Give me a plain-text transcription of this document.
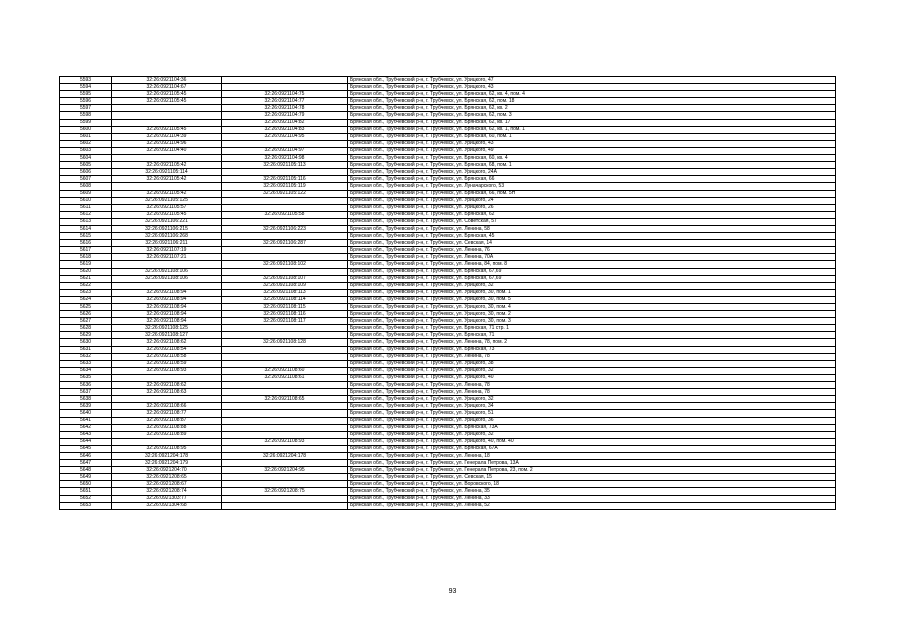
5593	32:26:0921104:36		Брянская обл., Трубчевский р-н, г. Трубчевск, ул. Урицкого, 47
5594	32:26:0921104:67		Брянская обл., Трубчевский р-н, г. Трубчевск, ул. Урицкого, 43
5595	32:26:0921105:45	32:26:0921104:75	Брянская обл., Трубчевский р-н, г. Трубчевск, ул. Брянская, 62, кв. 4, пом. 4
5596	32:26:0921105:45	32:26:0921104:77	Брянская обл., Трубчевский р-н, г. Трубчевск, ул. Брянская, 62, пом. 18
5597		32:26:0921104:78	Брянская обл., Трубчевский р-н, г. Трубчевск, ул. Брянская, 62, кв. 2
5598		32:26:0921104:79	Брянская обл., Трубчевский р-н, г. Трубчевск, ул. Брянская, 62, пом. 3
5599		32:26:0921104:82	Брянская обл., Трубчевский р-н, г. Трубчевск, ул. Брянская, 62, кв. 17
5600	32:26:0921105:45	32:26:0921104:83	Брянская обл., Трубчевский р-н, г. Трубчевск, ул. Брянская, 62, кв. 1, пом. 1
5601	32:26:0921104:39	32:26:0921104:95	Брянская обл., Трубчевский р-н, г. Трубчевск, ул. Брянская, 60, пом. 1
5602	32:26:0921104:96		Брянская обл., Трубчевский р-н, г. Трубчевск, ул. Урицкого, 43
5603	32:26:0921104:40	32:26:0921104:97	Брянская обл., Трубчевский р-н, г. Трубчевск, ул. Урицкого, 49
5604		32:26:0921104:98	Брянская обл., Трубчевский р-н, г. Трубчевск, ул. Брянская, 60, кв. 4
5605	32:26:0921105:42	32:26:0921105:113	Брянская обл., Трубчевский р-н, г. Трубчевск, ул. Брянская, 68, пом. 1
5606	32:26:0921105:114		Брянская обл., Трубчевский р-н, г. Трубчевск, ул. Урицкого, 24А
5607	32:26:0921105:42	32:26:0921105:116	Брянская обл., Трубчевский р-н, г. Трубчевск, ул. Брянская, 66
5608		32:26:0921105:119	Брянская обл., Трубчевский р-н, г. Трубчевск, ул. Луначарского, 53
5609	32:26:0921105:42	32:26:0921105:122	Брянская обл., Трубчевский р-н, г. Трубчевск, ул. Брянская, 66, пом. 5Н
5610	32:26:0921105:125		Брянская обл., Трубчевский р-н, г. Трубчевск, ул. Урицкого, 24
5611	32:26:0921105:57		Брянская обл., Трубчевский р-н, г. Трубчевск, ул. Урицкого, 26
5612	32:26:0921105:45	32:26:0921105:58	Брянская обл., Трубчевский р-н, г. Трубчевск, ул. Брянская, 62
5613	32:26:0921106:221		Брянская обл., Трубчевский р-н, г. Трубчевск, ул. Советская, 57
5614	32:26:0921106:215	32:26:0921106:223	Брянская обл., Трубчевский р-н, г. Трубчевск, ул. Ленина, 58
5615	32:26:0921106:268		Брянская обл., Трубчевский р-н, г. Трубчевск, ул. Брянская, 45
5616	32:26:0921106:211	32:26:0921106:287	Брянская обл., Трубчевский р-н, г. Трубчевск, ул. Севская, 14
5617	32:26:0921107:19		Брянская обл., Трубчевский р-н, г. Трубчевск, ул. Ленина, 76
5618	32:26:0921107:21		Брянская обл., Трубчевский р-н, г. Трубчевск, ул. Ленина, 70А
5619		32:26:0921108:102	Брянская обл., Трубчевский р-н, г. Трубчевск, ул. Ленина, 84, пом. 8
5620	32:26:0921108:106		Брянская обл., Трубчевский р-н, г. Трубчевск, ул. Брянская, 67,69
5621	32:26:0921108:106	32:26:0921108:107	Брянская обл., Трубчевский р-н, г. Трубчевск, ул. Брянская, 67,69
5622		32:26:0921108:109	Брянская обл., Трубчевский р-н, г. Трубчевск, ул. Урицкого, 32
5623	32:26:0921108:94	32:26:0921108:113	Брянская обл., Трубчевский р-н, г. Трубчевск, ул. Урицкого, 30, пом. 1
5624	32:26:0921108:94	32:26:0921108:114	Брянская обл., Трубчевский р-н, г. Трубчевск, ул. Урицкого, 30, пом. 5
5625	32:26:0921108:94	32:26:0921108:115	Брянская обл., Трубчевский р-н, г. Трубчевск, ул. Урицкого, 30, пом. 4
5626	32:26:0921108:94	32:26:0921108:116	Брянская обл., Трубчевский р-н, г. Трубчевск, ул. Урицкого, 30, пом. 2
5627	32:26:0921108:94	32:26:0921108:117	Брянская обл., Трубчевский р-н, г. Трубчевск, ул. Урицкого, 30, пом. 3
5628	32:26:0921108:125		Брянская обл., Трубчевский р-н, г. Трубчевск, ул. Брянская, 71 стр. 1
5629	32:26:0921108:127		Брянская обл., Трубчевский р-н, г. Трубчевск, ул. Брянская, 71
5630	32:26:0921108:62	32:26:0921108:128	Брянская обл., Трубчевский р-н, г. Трубчевск, ул. Ленина, 78, пом. 2
5631	32:26:0921108:54		Брянская обл., Трубчевский р-н, г. Трубчевск, ул. Брянская, 73
5632	32:26:0921108:58		Брянская обл., Трубчевский р-н, г. Трубчевск, ул. Ленина, 78
5633	32:26:0921108:59		Брянская обл., Трубчевский р-н, г. Трубчевск, ул. Урицкого, 38
5634	32:26:0921108:93	32:26:0921108:60	Брянская обл., Трубчевский р-н, г. Трубчевск, ул. Урицкого, 32
5635		32:26:0921108:61	Брянская обл., Трубчевский р-н, г. Трубчевск, ул. Урицкого, 40
5636	32:26:0921108:62		Брянская обл., Трубчевский р-н, г. Трубчевск, ул. Ленина, 78
5637	32:26:0921108:63		Брянская обл., Трубчевский р-н, г. Трубчевск, ул. Ленина, 78
5638		32:26:0921108:65	Брянская обл., Трубчевский р-н, г. Трубчевск, ул. Урицкого, 32
5639	32:26:0921108:66		Брянская обл., Трубчевский р-н, г. Трубчевск, ул. Урицкого, 34
5640	32:26:0921108:77		Брянская обл., Трубчевский р-н, г. Трубчевск, ул. Урицкого, 51
5641	32:26:0921108:87		Брянская обл., Трубчевский р-н, г. Трубчевск, ул. Урицкого, 36
5642	32:26:0921108:88		Брянская обл., Трубчевский р-н, г. Трубчевск, ул. Брянская, 73А
5643	32:26:0921108:89		Брянская обл., Трубчевский р-н, г. Трубчевск, ул. Урицкого, 32
5644		32:26:0921108:93	Брянская обл., Трубчевский р-н, г. Трубчевск, ул. Урицкого, 40, пом. 40
5645	32:26:0921108:95		Брянская обл., Трубчевский р-н, г. Трубчевск, ул. Брянская, 67А
5646	32:26:0921204:178	32:26:0921204:178	Брянская обл., Трубчевский р-н, г. Трубчевск, ул. Ленина, 18
5647	32:26:0921204:179		Брянская обл., Трубчевский р-н, г. Трубчевск, ул. Генерала Петрова, 13А
5648	32:26:0921204:70	32:26:0921204:95	Брянская обл., Трубчевский р-н, г. Трубчевск, ул. Генерала Петрова, 23, пом. 2
5649	32:26:0921208:65		Брянская обл., Трубчевский р-н, г. Трубчевск, ул. Севская, 15
5650	32:26:0921208:67		Брянская обл., Трубчевский р-н, г. Трубчевск, ул. Воровского, 18
5651	32:26:0921208:74	32:26:0921208:75	Брянская обл., Трубчевский р-н, г. Трубчевск, ул. Ленина, 35
5652	32:26:0921303:77		Брянская обл., Трубчевский р-н, г. Трубчевск, ул. Ленина, 33
5653	32:26:0921304:68		Брянская обл., Трубчевский р-н, г. Трубчевск, ул. Ленина, 52
93
